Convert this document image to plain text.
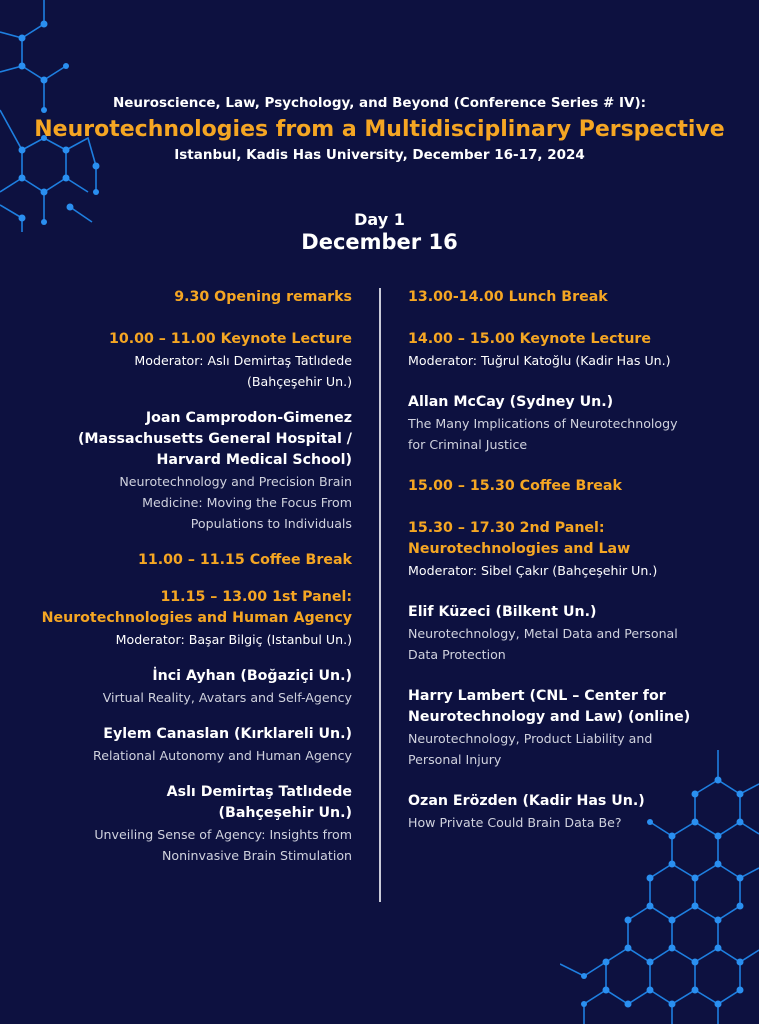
Neuroscience, Law, Psychology, and Beyond (Conference Series # IV):
Neurotechnologies from a Multidisciplinary Perspective
Istanbul, Kadis Has University, December 16-17, 2024
Day 1
December 16
9.30 Opening remarks
10.00 – 11.00 Keynote Lecture
Moderator: Aslı Demirtaş Tatlıdede
(Bahçeşehir Un.)
Joan Camprodon-Gimenez
(Massachusetts General Hospital /
Harvard Medical School)
Neurotechnology and Precision Brain
Medicine: Moving the Focus From
Populations to Individuals
11.00 – 11.15 Coffee Break
11.15 – 13.00 1st Panel:
Neurotechnologies and Human Agency
Moderator: Başar Bilgiç (Istanbul Un.)
İnci Ayhan (Boğaziçi Un.)
Virtual Reality, Avatars and Self-Agency
Eylem Canaslan (Kırklareli Un.)
Relational Autonomy and Human Agency
Aslı Demirtaş Tatlıdede
(Bahçeşehir Un.)
Unveiling Sense of Agency: Insights from
Noninvasive Brain Stimulation
13.00-14.00 Lunch Break
14.00 – 15.00 Keynote Lecture
Moderator: Tuğrul Katoğlu (Kadir Has Un.)
Allan McCay (Sydney Un.)
The Many Implications of Neurotechnology
for Criminal Justice
15.00 – 15.30 Coffee Break
15.30 – 17.30 2nd Panel:
Neurotechnologies and Law
Moderator: Sibel Çakır (Bahçeşehir Un.)
Elif Küzeci (Bilkent Un.)
Neurotechnology, Metal Data and Personal
Data Protection
Harry Lambert (CNL – Center for
Neurotechnology and Law) (online)
Neurotechnology, Product Liability and
Personal Injury
Ozan Erözden (Kadir Has Un.)
How Private Could Brain Data Be?
